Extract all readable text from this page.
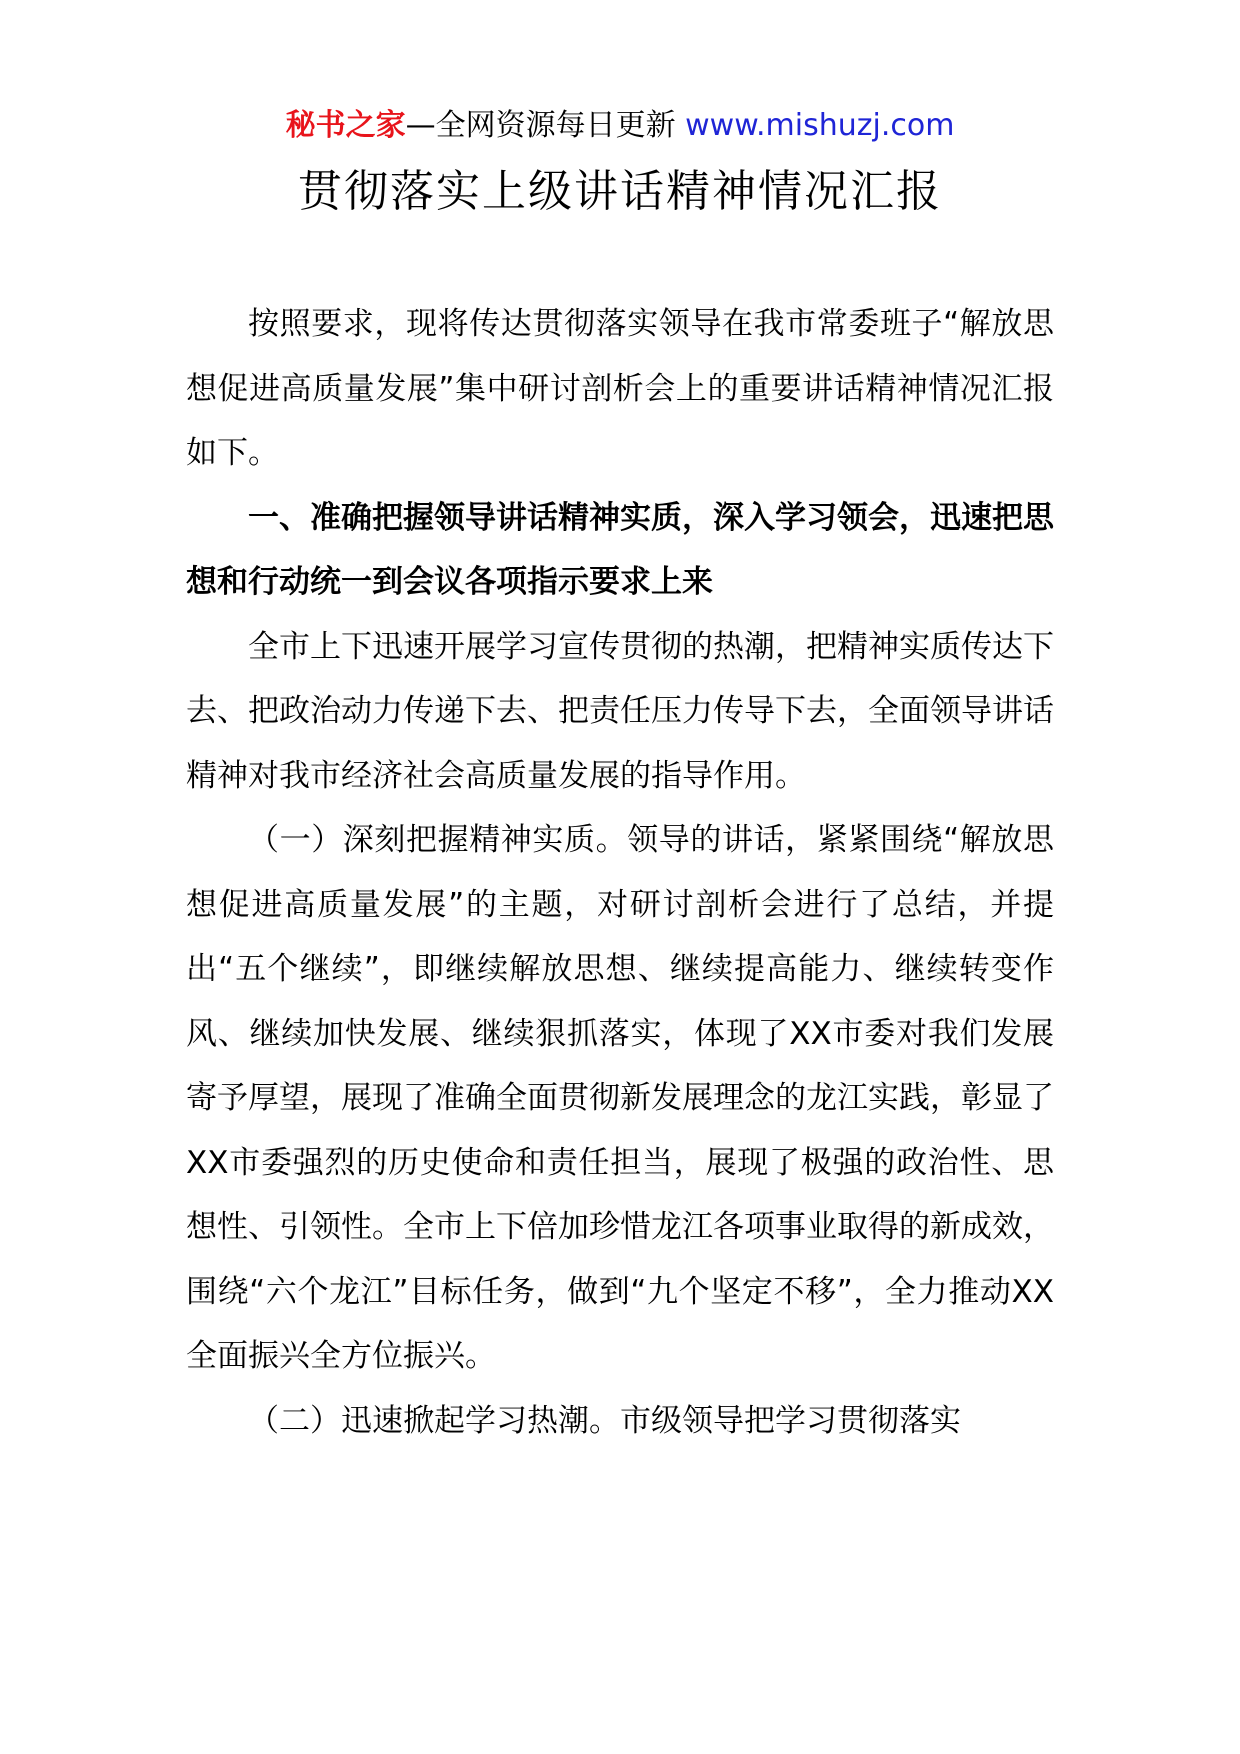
秘书之家—全网资源每日更新 www.mishuzj.com
贯彻落实上级讲话精神情况汇报

按照要求，现将传达贯彻落实领导在我市常委班子“解放思想促进高质量发展”集中研讨剖析会上的重要讲话精神情况汇报如下。

一、准确把握领导讲话精神实质，深入学习领会，迅速把思想和行动统一到会议各项指示要求上来

全市上下迅速开展学习宣传贯彻的热潮，把精神实质传达下去、把政治动力传递下去、把责任压力传导下去，全面领导讲话精神对我市经济社会高质量发展的指导作用。

（一）深刻把握精神实质。领导的讲话，紧紧围绕“解放思想促进高质量发展”的主题，对研讨剖析会进行了总结，并提出“五个继续”，即继续解放思想、继续提高能力、继续转变作风、继续加快发展、继续狠抓落实，体现了XX市委对我们发展寄予厚望，展现了准确全面贯彻新发展理念的龙江实践，彰显了XX市委强烈的历史使命和责任担当，展现了极强的政治性、思想性、引领性。全市上下倍加珍惜龙江各项事业取得的新成效，围绕“六个龙江”目标任务，做到“九个坚定不移”，全力推动XX全面振兴全方位振兴。

（二）迅速掀起学习热潮。市级领导把学习贯彻落实
